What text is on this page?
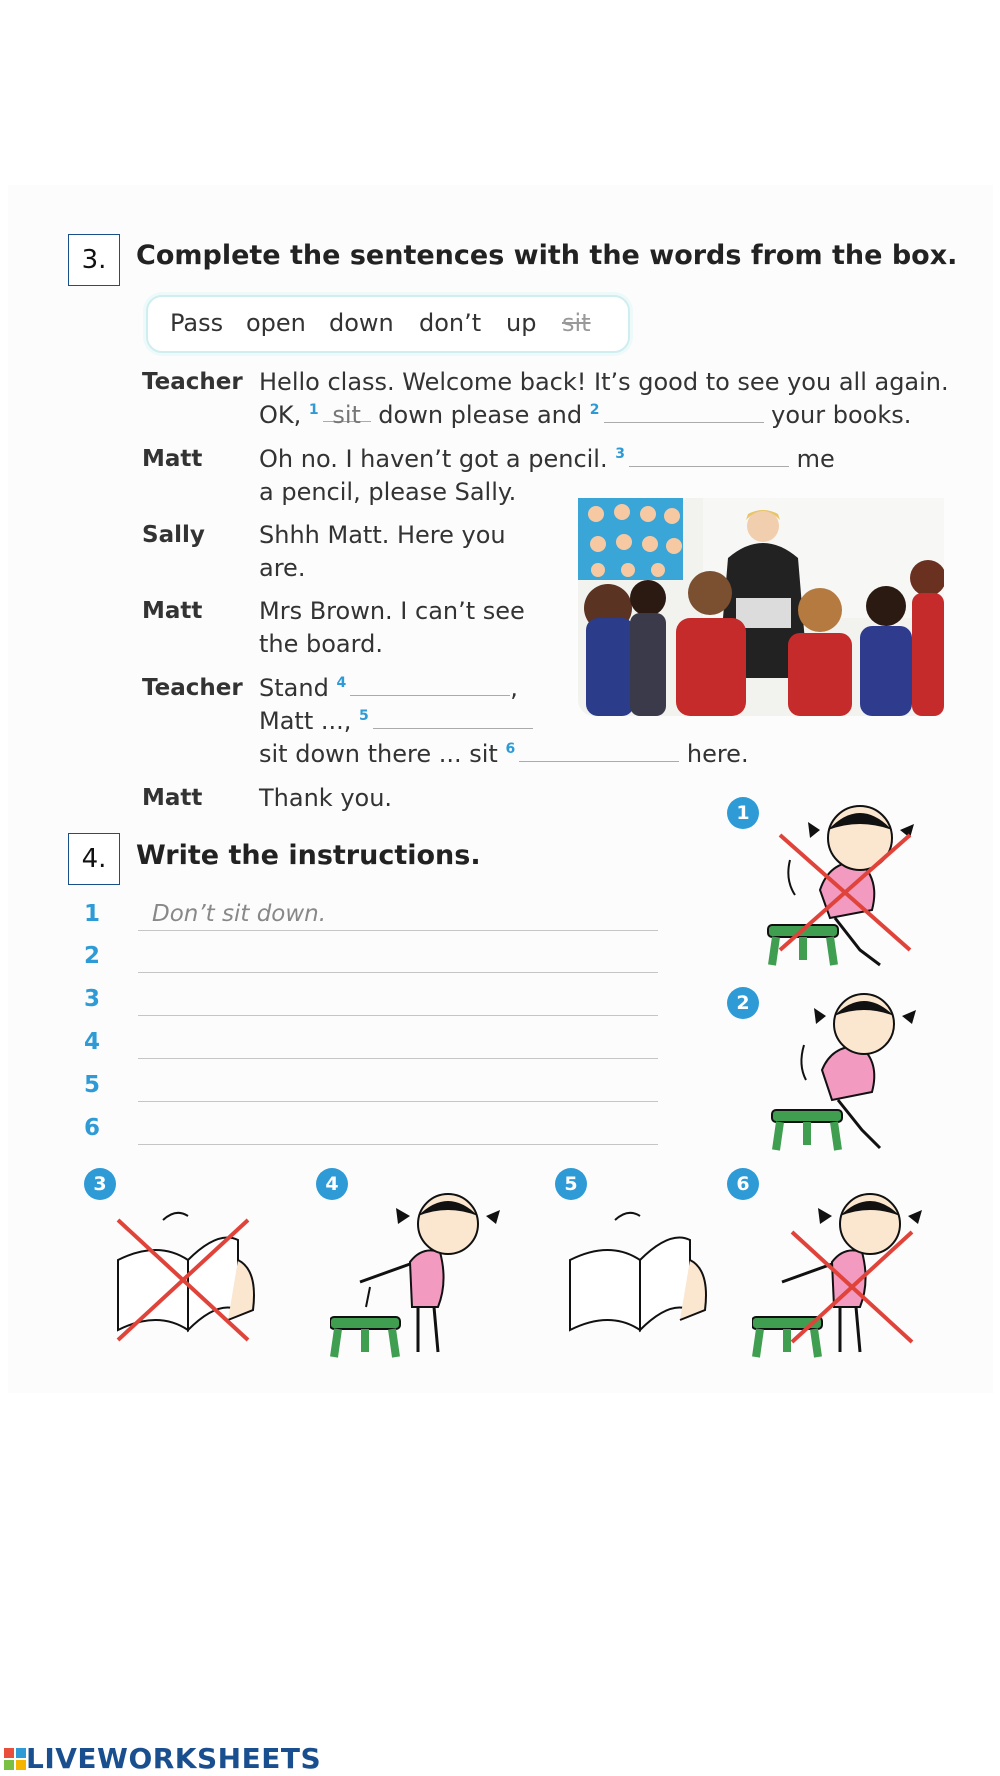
3.	Complete the sentences with the words from the box.
Pass open down don’t up sit
Teacher Hello class. Welcome back! It’s good to see you all again.
OK, $^1$ sit down please and $^2$	your books.
Matt Oh no. I haven’t got a pencil. $^3$	me
a pencil, please Sally.
Sally Shhh Matt. Here you
are.
Matt Mrs Brown. I can’t see
the board.
Teacher Stand $^4$	,
Matt ..., $^5$
sit down there ... sit $^6$	here.
Matt Thank you.
4.	Write the instructions.
1 Don’t sit down.
2
3
4
5
6
1
2
3	4	5	6
LIVEWORKSHEETS
